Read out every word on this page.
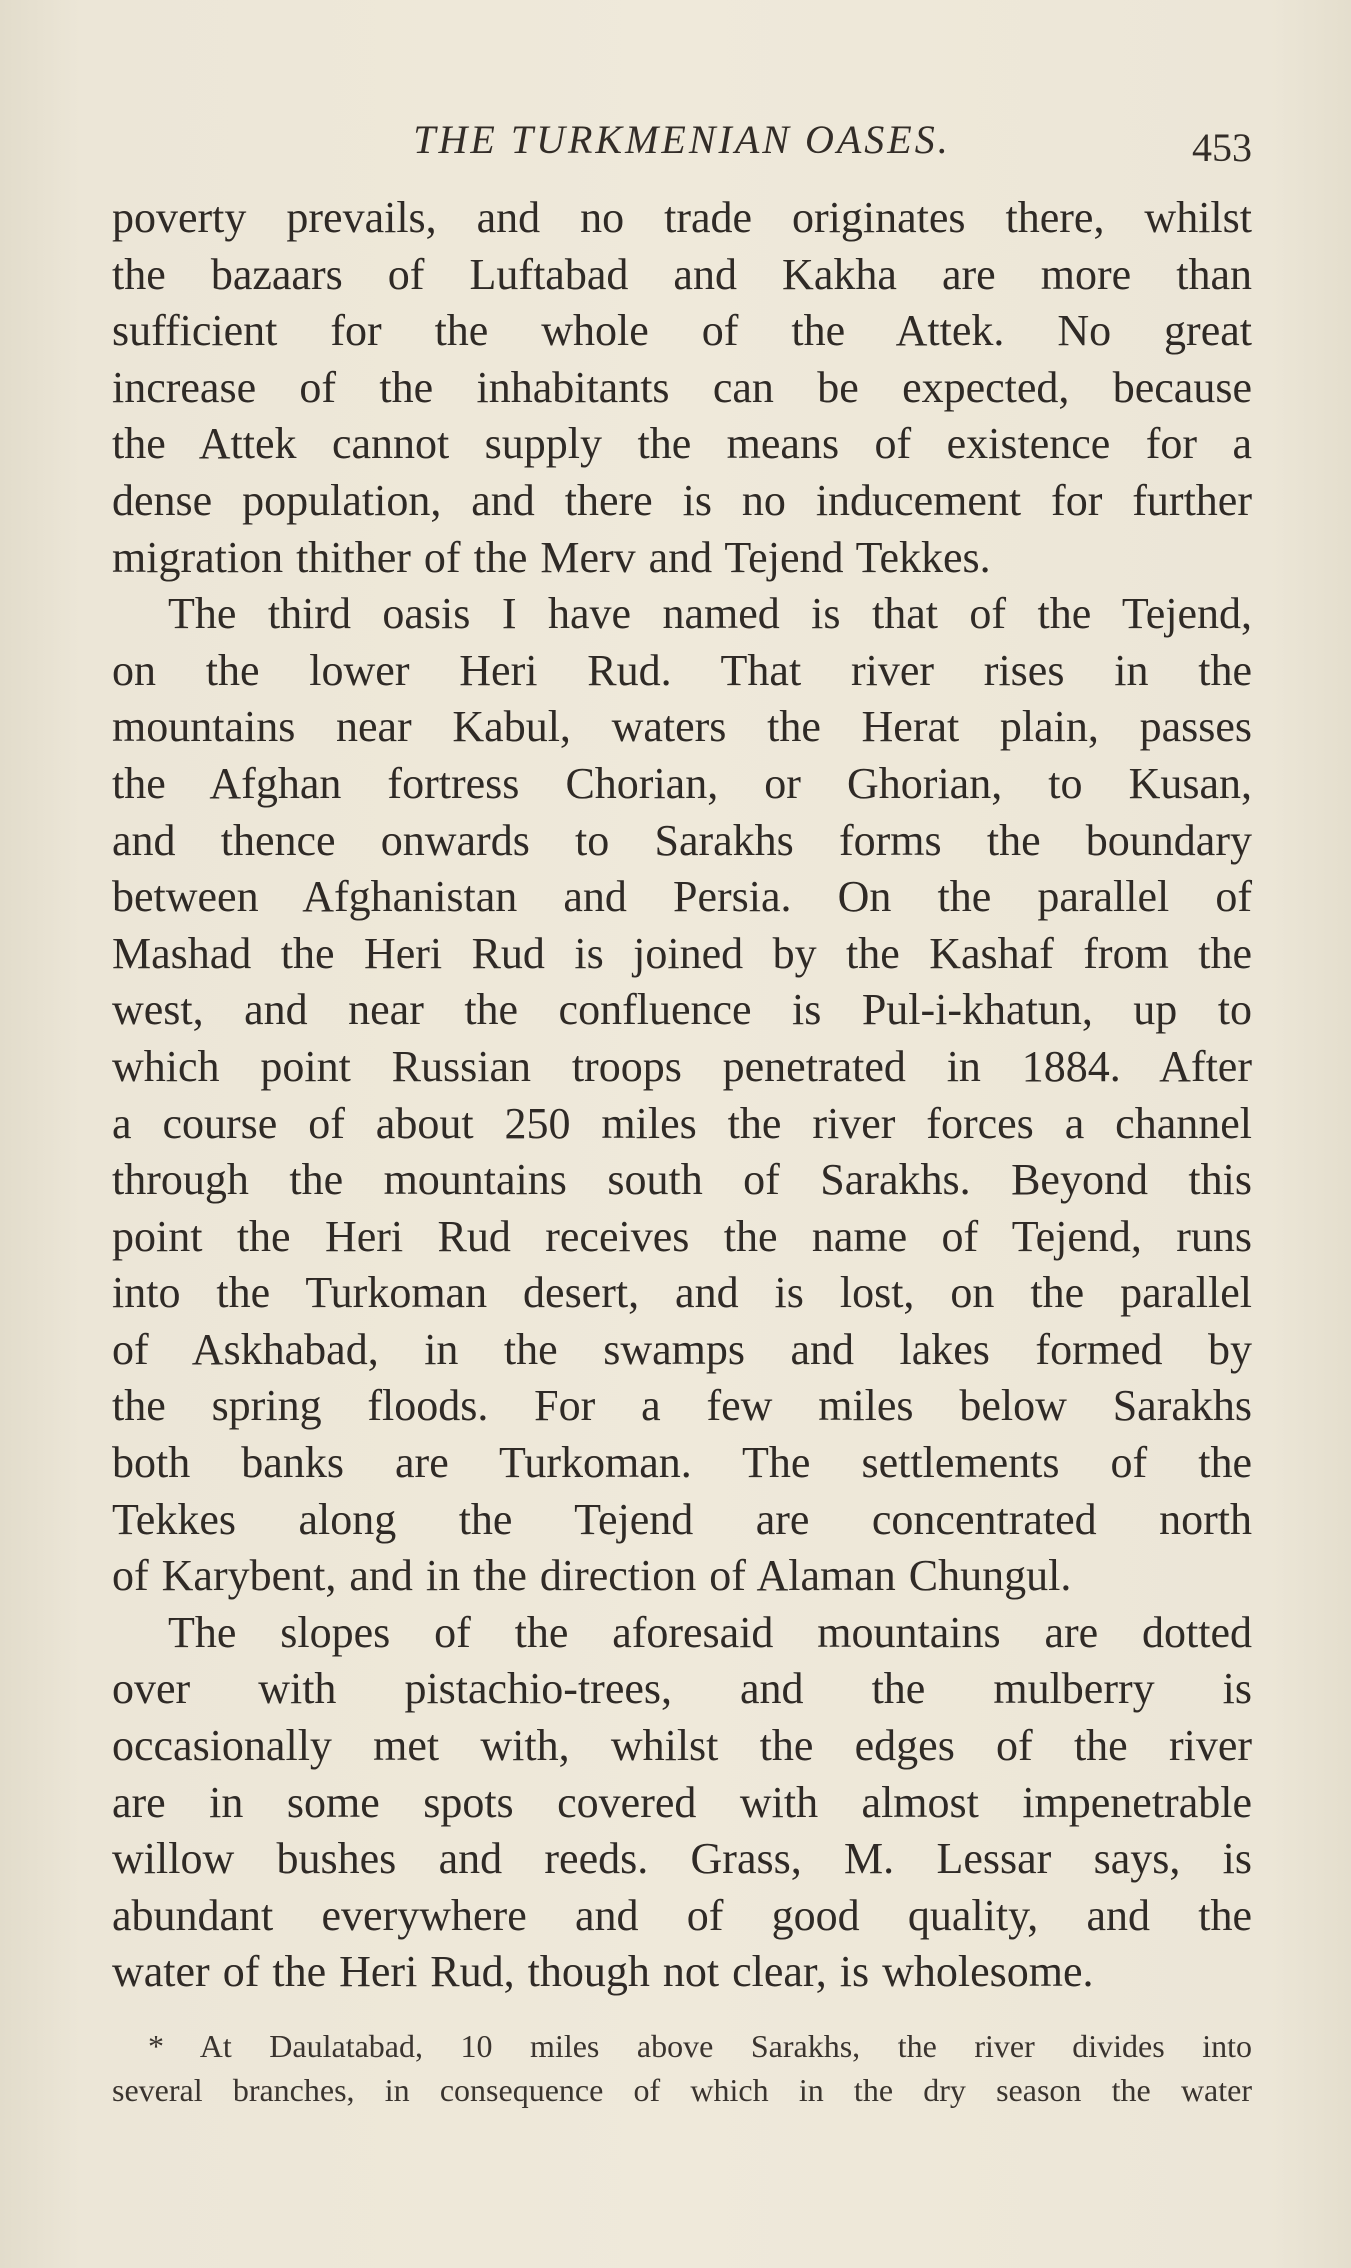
THE TURKMENIAN OASES.	453
poverty prevails, and no trade originates there, whilst
the bazaars of Luftabad and Kakha are more than
sufficient for the whole of the Attek. No great
increase of the inhabitants can be expected, because
the Attek cannot supply the means of existence for a
dense population, and there is no inducement for further
migration thither of the Merv and Tejend Tekkes.
The third oasis I have named is that of the Tejend,
on the lower Heri Rud. That river rises in the
mountains near Kabul, waters the Herat plain, passes
the Afghan fortress Chorian, or Ghorian, to Kusan,
and thence onwards to Sarakhs forms the boundary
between Afghanistan and Persia. On the parallel of
Mashad the Heri Rud is joined by the Kashaf from the
west, and near the confluence is Pul-i-khatun, up to
which point Russian troops penetrated in 1884. After
a course of about 250 miles the river forces a channel
through the mountains south of Sarakhs. Beyond this
point the Heri Rud receives the name of Tejend, runs
into the Turkoman desert, and is lost, on the parallel
of Askhabad, in the swamps and lakes formed by
the spring floods. For a few miles below Sarakhs
both banks are Turkoman. The settlements of the
Tekkes along the Tejend are concentrated north
of Karybent, and in the direction of Alaman Chungul.
The slopes of the aforesaid mountains are dotted
over with pistachio-trees, and the mulberry is
occasionally met with, whilst the edges of the river
are in some spots covered with almost impenetrable
willow bushes and reeds. Grass, M. Lessar says, is
abundant everywhere and of good quality, and the
water of the Heri Rud, though not clear, is wholesome.
* At Daulatabad, 10 miles above Sarakhs, the river divides into
several branches, in consequence of which in the dry season the water
